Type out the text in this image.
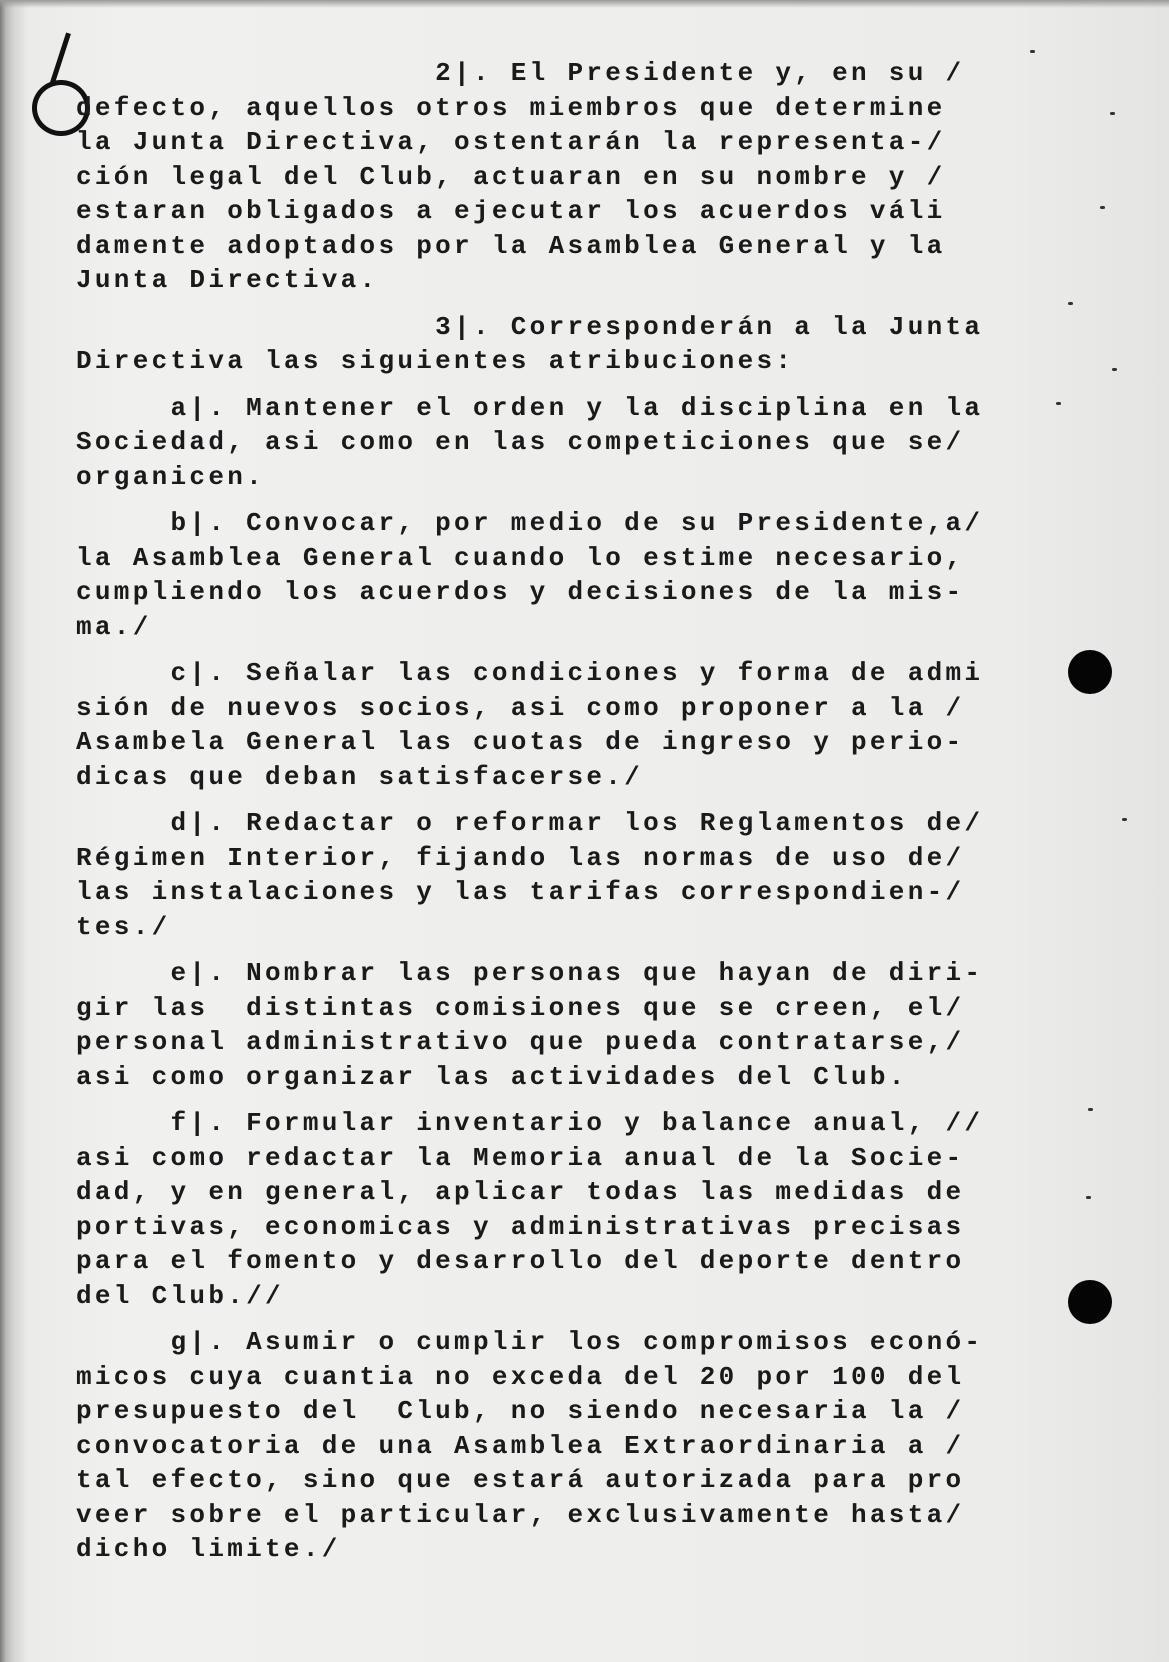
2|. El Presidente y, en su /
defecto, aquellos otros miembros que determine
la Junta Directiva, ostentarán la representa-/
ción legal del Club, actuaran en su nombre y /
estaran obligados a ejecutar los acuerdos váli
damente adoptados por la Asamblea General y la
Junta Directiva.
3|. Corresponderán a la Junta
Directiva las siguientes atribuciones:
a|. Mantener el orden y la disciplina en la
Sociedad, asi como en las competiciones que se/
organicen.
b|. Convocar, por medio de su Presidente,a/
la Asamblea General cuando lo estime necesario,
cumpliendo los acuerdos y decisiones de la mis-
ma./
c|. Señalar las condiciones y forma de admi
sión de nuevos socios, asi como proponer a la /
Asambela General las cuotas de ingreso y perio-
dicas que deban satisfacerse./
d|. Redactar o reformar los Reglamentos de/
Régimen Interior, fijando las normas de uso de/
las instalaciones y las tarifas correspondien-/
tes./
e|. Nombrar las personas que hayan de diri-
gir las  distintas comisiones que se creen, el/
personal administrativo que pueda contratarse,/
asi como organizar las actividades del Club.
f|. Formular inventario y balance anual, //
asi como redactar la Memoria anual de la Socie-
dad, y en general, aplicar todas las medidas de
portivas, economicas y administrativas precisas
para el fomento y desarrollo del deporte dentro
del Club.//
g|. Asumir o cumplir los compromisos econó-
micos cuya cuantia no exceda del 20 por 100 del
presupuesto del  Club, no siendo necesaria la /
convocatoria de una Asamblea Extraordinaria a /
tal efecto, sino que estará autorizada para pro
veer sobre el particular, exclusivamente hasta/
dicho limite./
